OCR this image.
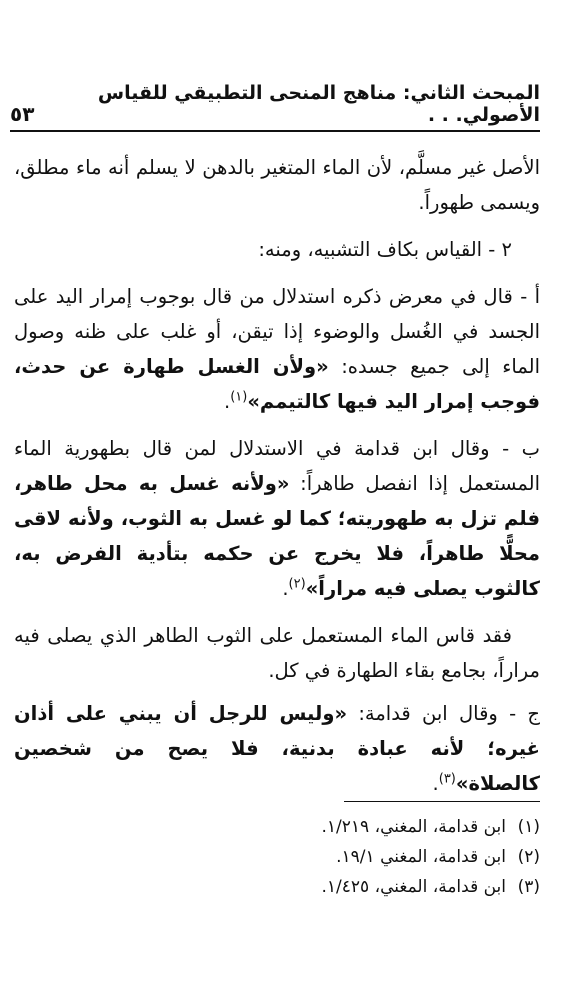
المبحث الثاني: مناهج المنحى التطبيقي للقياس الأصولي. . .
٥٣

الأصل غير مسلَّم، لأن الماء المتغير بالدهن لا يسلم أنه ماء مطلق، ويسمى طهوراً.

٢ - القياس بكاف التشبيه، ومنه:

أ - قال في معرض ذكره استدلال من قال بوجوب إمرار اليد على الجسد في الغُسل والوضوء إذا تيقن، أو غلب على ظنه وصول الماء إلى جميع جسده: «ولأن الغسل طهارة عن حدث، فوجب إمرار اليد فيها كالتيمم»$^{(١)}$.

ب - وقال ابن قدامة في الاستدلال لمن قال بطهورية الماء المستعمل إذا انفصل طاهراً: «ولأنه غسل به محل طاهر، فلم تزل به طهوريته؛ كما لو غسل به الثوب، ولأنه لاقى محلًّا طاهراً، فلا يخرج عن حكمه بتأدية الفرض به، كالثوب يصلى فيه مراراً»$^{(٢)}$.

فقد قاس الماء المستعمل على الثوب الطاهر الذي يصلى فيه مراراً، بجامع بقاء الطهارة في كل.

ج - وقال ابن قدامة: «وليس للرجل أن يبني على أذان غيره؛ لأنه عبادة بدنية، فلا يصح من شخصين كالصلاة»$^{(٣)}$.

(١)
ابن قدامة، المغني، ١/٢١٩.
(٢)
ابن قدامة، المغني ١٩/١.
(٣)
ابن قدامة، المغني، ١/٤٢٥.
